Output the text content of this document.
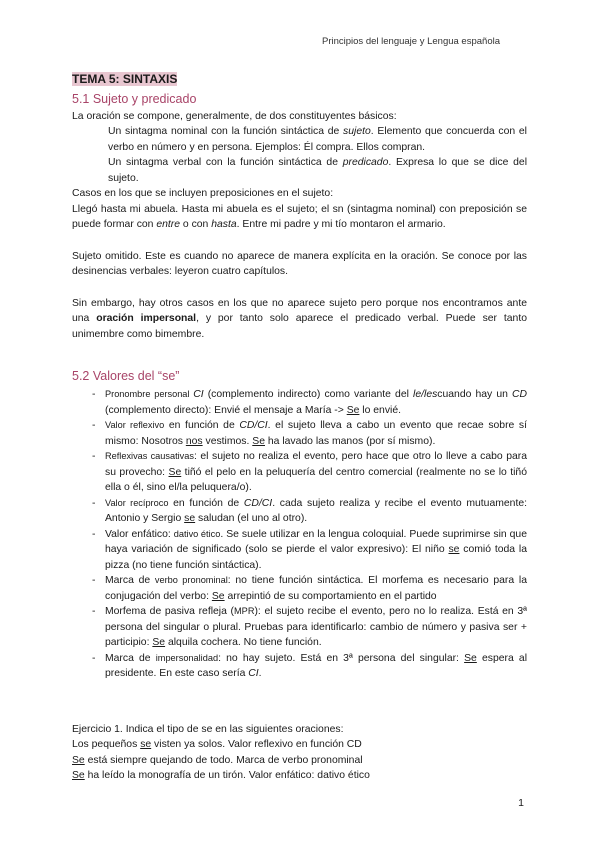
Principios del lenguaje y Lengua española
TEMA 5: SINTAXIS
5.1 Sujeto y predicado

La oración se compone, generalmente, de dos constituyentes básicos:

Un sintagma nominal con la función sintáctica de sujeto. Elemento que concuerda con el verbo en número y en persona. Ejemplos: Él compra. Ellos compran.

Un sintagma verbal con la función sintáctica de predicado. Expresa lo que se dice del sujeto.

Casos en los que se incluyen preposiciones en el sujeto:

Llegó hasta mi abuela. Hasta mi abuela es el sujeto; el sn (sintagma nominal) con preposición se puede formar con entre o con hasta. Entre mi padre y mi tío montaron el armario.

Sujeto omitido. Este es cuando no aparece de manera explícita en la oración. Se conoce por las desinencias verbales: leyeron cuatro capítulos.

Sin embargo, hay otros casos en los que no aparece sujeto pero porque nos encontramos ante una oración impersonal, y por tanto solo aparece el predicado verbal. Puede ser tanto unimembre como bimembre.

5.2 Valores del “se”
- Pronombre personal CI (complemento indirecto) como variante del le/lescuando hay un CD (complemento directo): Envié el mensaje a María -> Se lo envié.
- Valor reflexivo en función de CD/CI. el sujeto lleva a cabo un evento que recae sobre sí mismo: Nosotros nos vestimos. Se ha lavado las manos (por sí mismo).
- Reflexivas causativas: el sujeto no realiza el evento, pero hace que otro lo lleve a cabo para su provecho: Se tiñó el pelo en la peluquería del centro comercial (realmente no se lo tiñó ella o él, sino el/la peluquera/o).
- Valor recíproco en función de CD/CI. cada sujeto realiza y recibe el evento mutuamente: Antonio y Sergio se saludan (el uno al otro).
- Valor enfático: dativo ético. Se suele utilizar en la lengua coloquial. Puede suprimirse sin que haya variación de significado (solo se pierde el valor expresivo): El niño se comió toda la pizza (no tiene función sintáctica).
- Marca de verbo pronominal: no tiene función sintáctica. El morfema es necesario para la conjugación del verbo: Se arrepintió de su comportamiento en el partido
- Morfema de pasiva refleja (MPR): el sujeto recibe el evento, pero no lo realiza. Está en 3ª persona del singular o plural. Pruebas para identificarlo: cambio de número y pasiva ser + participio: Se alquila cochera. No tiene función.
- Marca de impersonalidad: no hay sujeto. Está en 3ª persona del singular: Se espera al presidente. En este caso sería CI.

Ejercicio 1. Indica el tipo de se en las siguientes oraciones:

Los pequeños se visten ya solos. Valor reflexivo en función CD

Se está siempre quejando de todo. Marca de verbo pronominal

Se ha leído la monografía de un tirón. Valor enfático: dativo ético

1
